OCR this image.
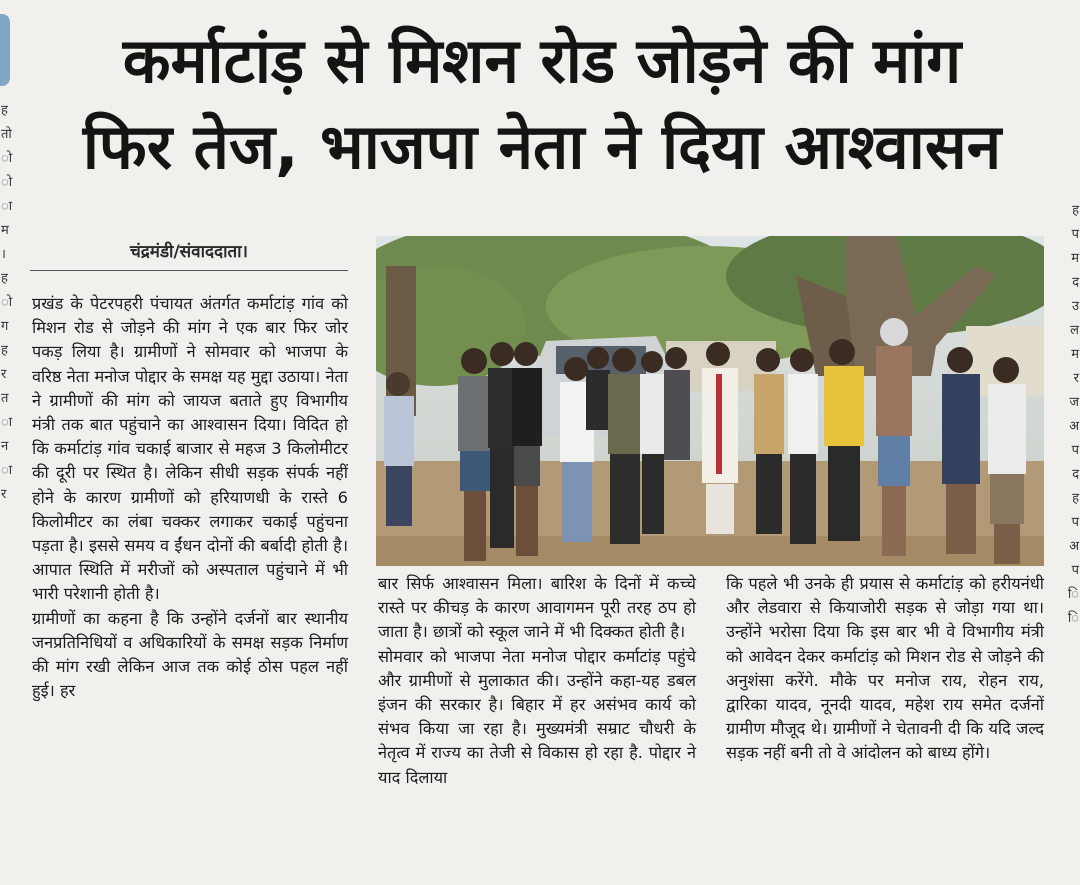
ह
तो
ो
ो
ा
म
।
ह
ो
ग
ह
र
त
ा
न
ा
र
ह
प
म
द
उ
ल
म
र
ज
अ
प
द
ह
प
अ
प
ि
ि
कर्माटांड़ से मिशन रोड जोड़ने की मांग
फिर तेज, भाजपा नेता ने दिया आश्वासन
चंद्रमंडी/संवाददाता।

प्रखंड के पेटरपहरी पंचायत अंतर्गत कर्माटांड़ गांव को मिशन रोड से जोड़ने की मांग ने एक बार फिर जोर पकड़ लिया है। ग्रामीणों ने सोमवार को भाजपा के वरिष्ठ नेता मनोज पोद्दार के समक्ष यह मुद्दा उठाया। नेता ने ग्रामीणों की मांग को जायज बताते हुए विभागीय मंत्री तक बात पहुंचाने का आश्वासन दिया। विदित हो कि कर्माटांड़ गांव चकाई बाजार से महज 3 किलोमीटर की दूरी पर स्थित है। लेकिन सीधी सड़क संपर्क नहीं होने के कारण ग्रामीणों को हरियाणधी के रास्ते 6 किलोमीटर का लंबा चक्कर लगाकर चकाई पहुंचना पड़ता है। इससे समय व ईंधन दोनों की बर्बादी होती है। आपात स्थिति में मरीजों को अस्पताल पहुंचाने में भी भारी परेशानी होती है।

ग्रामीणों का कहना है कि उन्होंने दर्जनों बार स्थानीय जनप्रतिनिधियों व अधिकारियों के समक्ष सड़क निर्माण की मांग रखी लेकिन आज तक कोई ठोस पहल नहीं हुई। हर

बार सिर्फ आश्वासन मिला। बारिश के दिनों में कच्चे रास्ते पर कीचड़ के कारण आवागमन पूरी तरह ठप हो जाता है। छात्रों को स्कूल जाने में भी दिक्कत होती है।

सोमवार को भाजपा नेता मनोज पोद्दार कर्माटांड़ पहुंचे और ग्रामीणों से मुलाकात की। उन्होंने कहा-यह डबल इंजन की सरकार है। बिहार में हर असंभव कार्य को संभव किया जा रहा है। मुख्यमंत्री सम्राट चौधरी के नेतृत्व में राज्य का तेजी से विकास हो रहा है. पोद्दार ने याद दिलाया

कि पहले भी उनके ही प्रयास से कर्माटांड़ को हरीयनंधी और लेडवारा से कियाजोरी सड़क से जोड़ा गया था। उन्होंने भरोसा दिया कि इस बार भी वे विभागीय मंत्री को आवेदन देकर कर्माटांड़ को मिशन रोड से जोड़ने की अनुशंसा करेंगे. मौके पर मनोज राय, रोहन राय, द्वारिका यादव, नूनदी यादव, महेश राय समेत दर्जनों ग्रामीण मौजूद थे। ग्रामीणों ने चेतावनी दी कि यदि जल्द सड़क नहीं बनी तो वे आंदोलन को बाध्य होंगे।
